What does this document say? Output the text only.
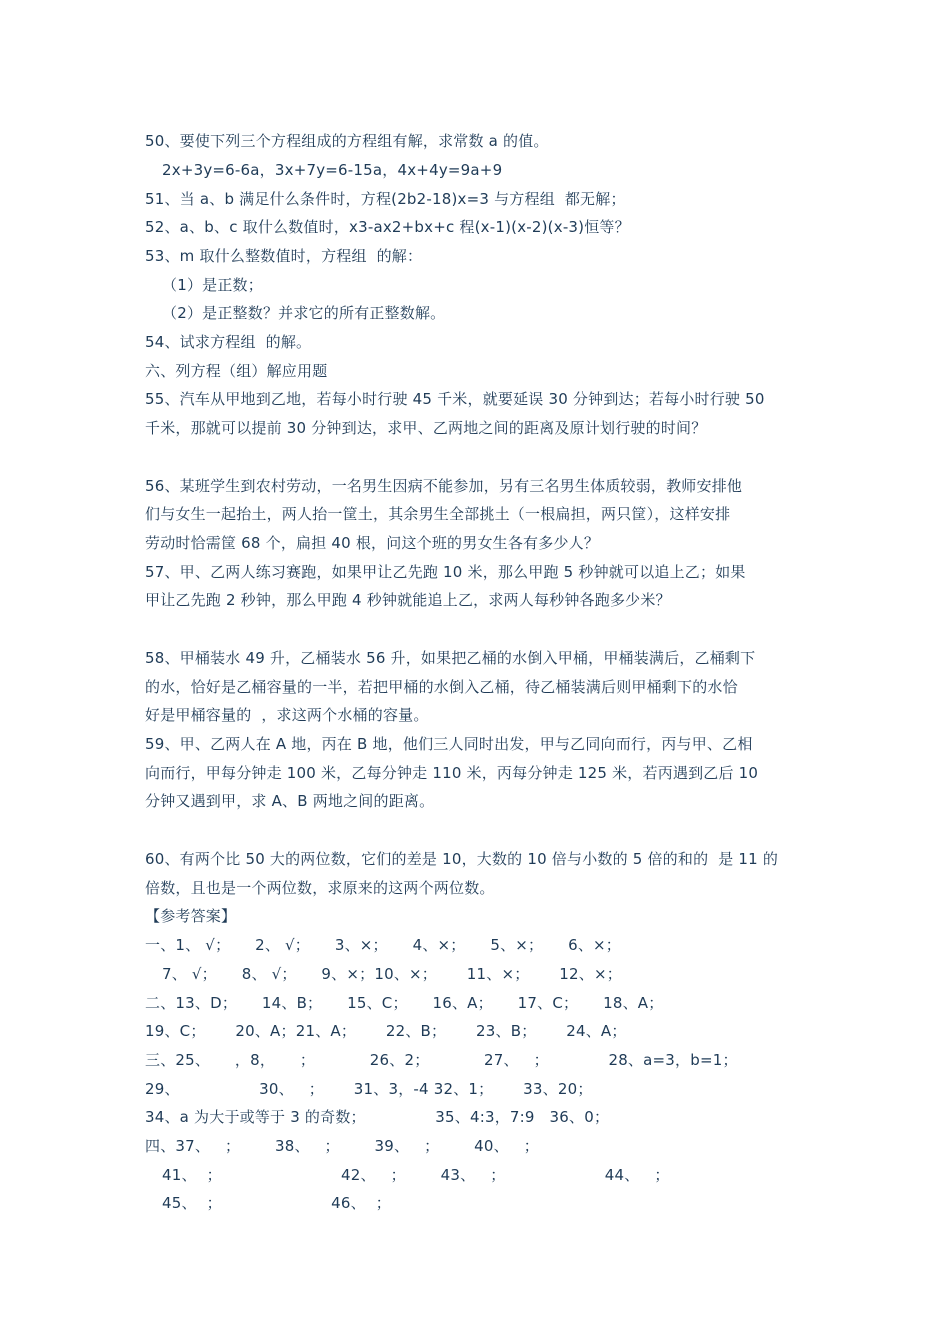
50、要使下列三个方程组成的方程组有解，求常数 a 的值。
2x+3y=6-6a，3x+7y=6-15a，4x+4y=9a+9
51、当 a、b 满足什么条件时，方程(2b2-18)x=3 与方程组  都无解；
52、a、b、c 取什么数值时，x3-ax2+bx+c 程(x-1)(x-2)(x-3)恒等？
53、m 取什么整数值时，方程组  的解：
（1）是正数；
（2）是正整数？并求它的所有正整数解。
54、试求方程组  的解。
六、列方程（组）解应用题
55、汽车从甲地到乙地，若每小时行驶 45 千米，就要延误 30 分钟到达；若每小时行驶 50
千米，那就可以提前 30 分钟到达，求甲、乙两地之间的距离及原计划行驶的时间？
56、某班学生到农村劳动，一名男生因病不能参加，另有三名男生体质较弱，教师安排他
们与女生一起抬土，两人抬一筐土，其余男生全部挑土（一根扁担，两只筐），这样安排
劳动时恰需筐 68 个，扁担 40 根，问这个班的男女生各有多少人？
57、甲、乙两人练习赛跑，如果甲让乙先跑 10 米，那么甲跑 5 秒钟就可以追上乙；如果
甲让乙先跑 2 秒钟，那么甲跑 4 秒钟就能追上乙，求两人每秒钟各跑多少米？
58、甲桶装水 49 升，乙桶装水 56 升，如果把乙桶的水倒入甲桶，甲桶装满后，乙桶剩下
的水，恰好是乙桶容量的一半，若把甲桶的水倒入乙桶，待乙桶装满后则甲桶剩下的水恰
好是甲桶容量的  ，求这两个水桶的容量。
59、甲、乙两人在 A 地，丙在 B 地，他们三人同时出发，甲与乙同向而行，丙与甲、乙相
向而行，甲每分钟走 100 米，乙每分钟走 110 米，丙每分钟走 125 米，若丙遇到乙后 10
分钟又遇到甲，求 A、B 两地之间的距离。
60、有两个比 50 大的两位数，它们的差是 10，大数的 10 倍与小数的 5 倍的和的  是 11 的
倍数，且也是一个两位数，求原来的这两个两位数。
【参考答案】
一、1、 √；     2、 √；     3、×；     4、×；     5、×；     6、×；
7、 √；     8、 √；     9、×；10、×；      11、×；      12、×；
二、13、D；     14、B；     15、C；     16、A；     17、C；     18、A；
19、C；      20、A；21、A；      22、B；      23、B；      24、A；
三、25、     ，8，     ；           26、2；           27、   ；            28、a=3，b=1；
29、                30、   ；      31、3，-4 32、1；      33、20；
34、a 为大于或等于 3 的奇数；              35、4:3，7:9   36、0；
四、37、   ；       38、   ；       39、   ；       40、   ；
41、  ；                        42、   ；       43、   ；                    44、   ；
45、  ；                      46、  ；
